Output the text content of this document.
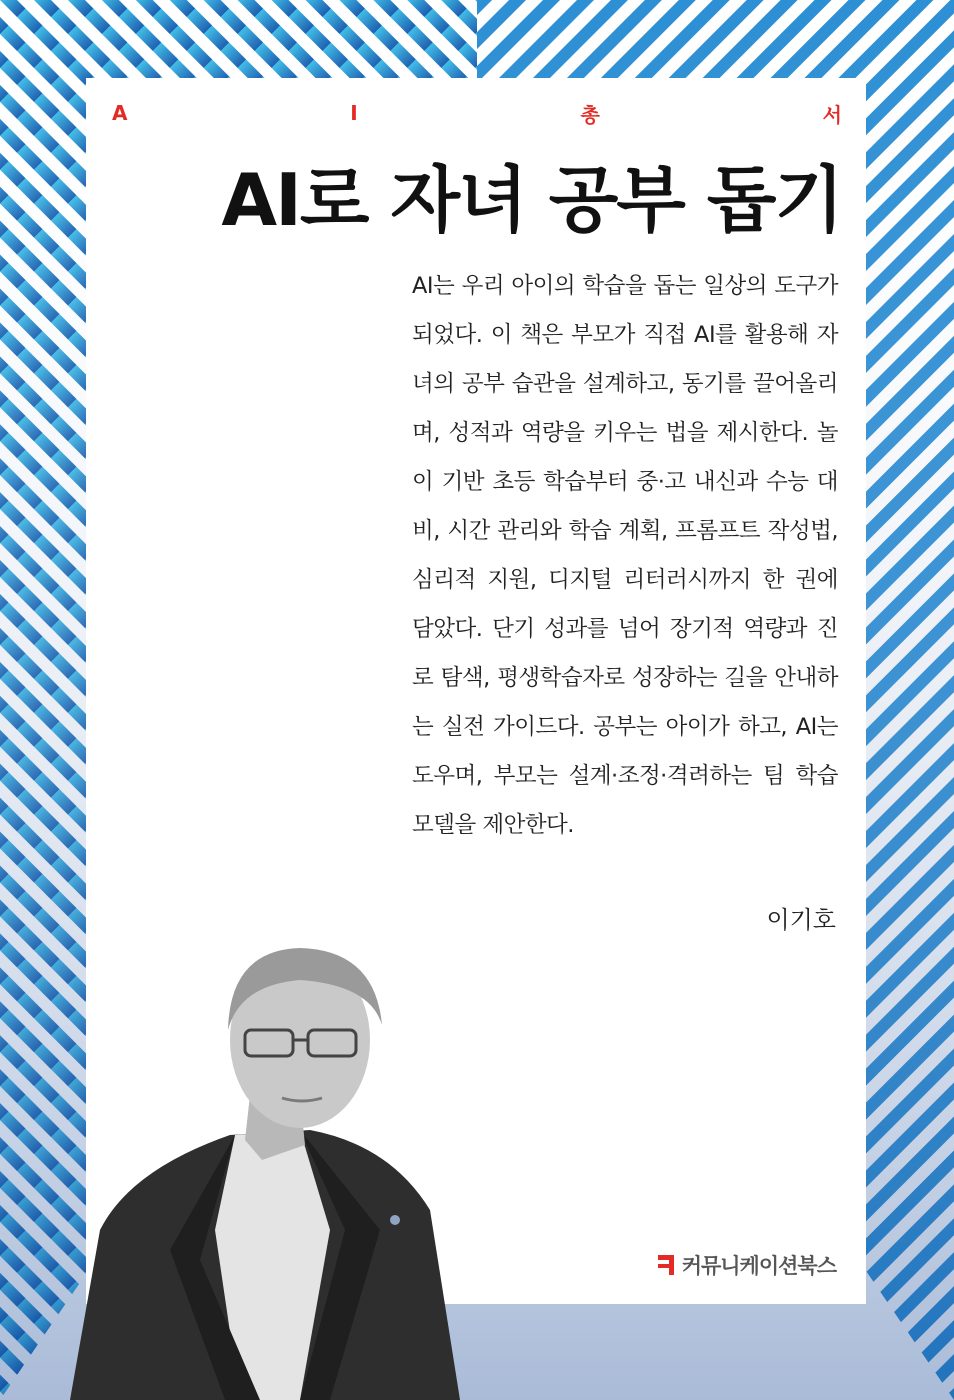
A	I	총	서
AI로 자녀 공부 돕기
AI는 우리 아이의 학습을 돕는 일상의 도구가 되었다. 이 책은 부모가 직접 AI를 활용해 자녀의 공부 습관을 설계하고, 동기를 끌어올리며, 성적과 역량을 키우는 법을 제시한다. 놀이 기반 초등 학습부터 중·고 내신과 수능 대비, 시간 관리와 학습 계획, 프롬프트 작성법, 심리적 지원, 디지털 리터러시까지 한 권에 담았다. 단기 성과를 넘어 장기적 역량과 진로 탐색, 평생학습자로 성장하는 길을 안내하는 실전 가이드다. 공부는 아이가 하고, AI는 도우며, 부모는 설계·조정·격려하는 팀 학습 모델을 제안한다.
이기호
커뮤니케이션북스
